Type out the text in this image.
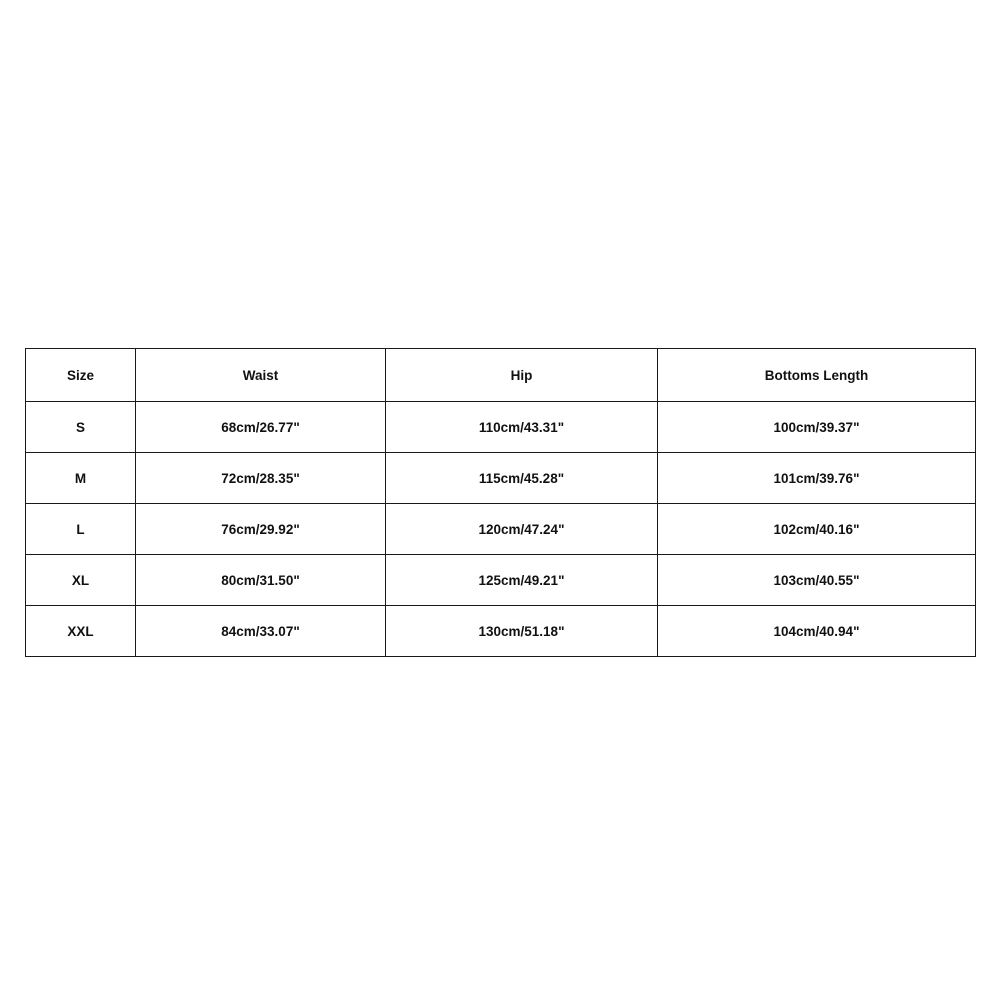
Size	Waist	Hip	Bottoms Length
S	68cm/26.77"	110cm/43.31"	100cm/39.37"
M	72cm/28.35"	115cm/45.28"	101cm/39.76"
L	76cm/29.92"	120cm/47.24"	102cm/40.16"
XL	80cm/31.50"	125cm/49.21"	103cm/40.55"
XXL	84cm/33.07"	130cm/51.18"	104cm/40.94"
